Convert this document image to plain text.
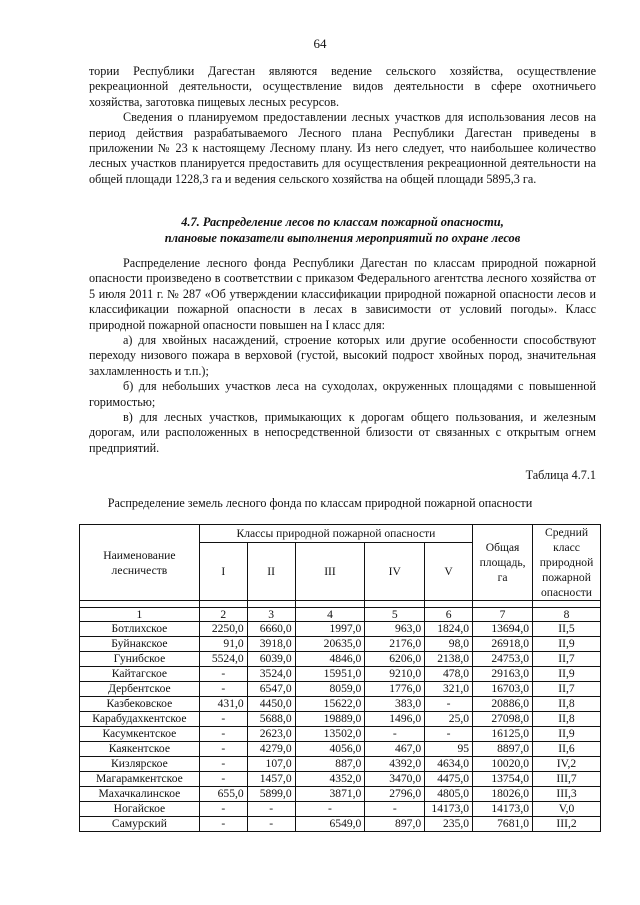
64

тории Республики Дагестан являются ведение сельского хозяйства, осуществление рекреационной деятельности, осуществление видов деятельности в сфере охотничьего хозяйства, заготовка пищевых лесных ресурсов.

Сведения о планируемом предоставлении лесных участков для использования лесов на период действия разрабатываемого Лесного плана Республики Дагестан приведены в приложении № 23 к настоящему Лесному плану. Из него следует, что наибольшее количество лесных участков планируется предоставить для осуществления рекреационной деятельности на общей площади 1228,3 га и ведения сельского хозяйства на общей площади 5895,3 га.

4.7. Распределение лесов по классам пожарной опасности,
плановые показатели выполнения мероприятий по охране лесов

Распределение лесного фонда Республики Дагестан по классам природной пожарной опасности произведено в соответствии с приказом Федерального агентства лесного хозяйства от 5 июля 2011 г. № 287 «Об утверждении классификации природной пожарной опасности лесов и классификации пожарной опасности в лесах в зависимости от условий погоды». Класс природной пожарной опасности повышен на I класс для:

а) для хвойных насаждений, строение которых или другие особенности способствуют переходу низового пожара в верховой (густой, высокий подрост хвойных пород, значительная захламленность и т.п.);

б) для небольших участков леса на суходолах, окруженных площадями с повышенной горимостью;

в) для лесных участков, примыкающих к дорогам общего пользования, и железным дорогам, или расположенных в непосредственной близости от связанных с открытым огнем предприятий.

Таблица 4.7.1
Распределение земель лесного фонда по классам природной пожарной опасности
Наименование лесничеств	Классы природной пожарной опасности					Общая площадь, га	Средний класс природной пожарной опасности
	I	II	III	IV	V		

1	2	3	4	5	6	7	8
Ботлихское	2250,0	6660,0	1997,0	963,0	1824,0	13694,0	II,5
Буйнакское	91,0	3918,0	20635,0	2176,0	98,0	26918,0	II,9
Гунибское	5524,0	6039,0	4846,0	6206,0	2138,0	24753,0	II,7
Кайтагское	-	3524,0	15951,0	9210,0	478,0	29163,0	II,9
Дербентское	-	6547,0	8059,0	1776,0	321,0	16703,0	II,7
Казбековское	431,0	4450,0	15622,0	383,0	-	20886,0	II,8
Карабудахкентское	-	5688,0	19889,0	1496,0	25,0	27098,0	II,8
Касумкентское	-	2623,0	13502,0	-	-	16125,0	II,9
Каякентское	-	4279,0	4056,0	467,0	95	8897,0	II,6
Кизлярское	-	107,0	887,0	4392,0	4634,0	10020,0	IV,2
Магарамкентское	-	1457,0	4352,0	3470,0	4475,0	13754,0	III,7
Махачкалинское	655,0	5899,0	3871,0	2796,0	4805,0	18026,0	III,3
Ногайское	-	-	-	-	14173,0	14173,0	V,0
Самурский	-	-	6549,0	897,0	235,0	7681,0	III,2
